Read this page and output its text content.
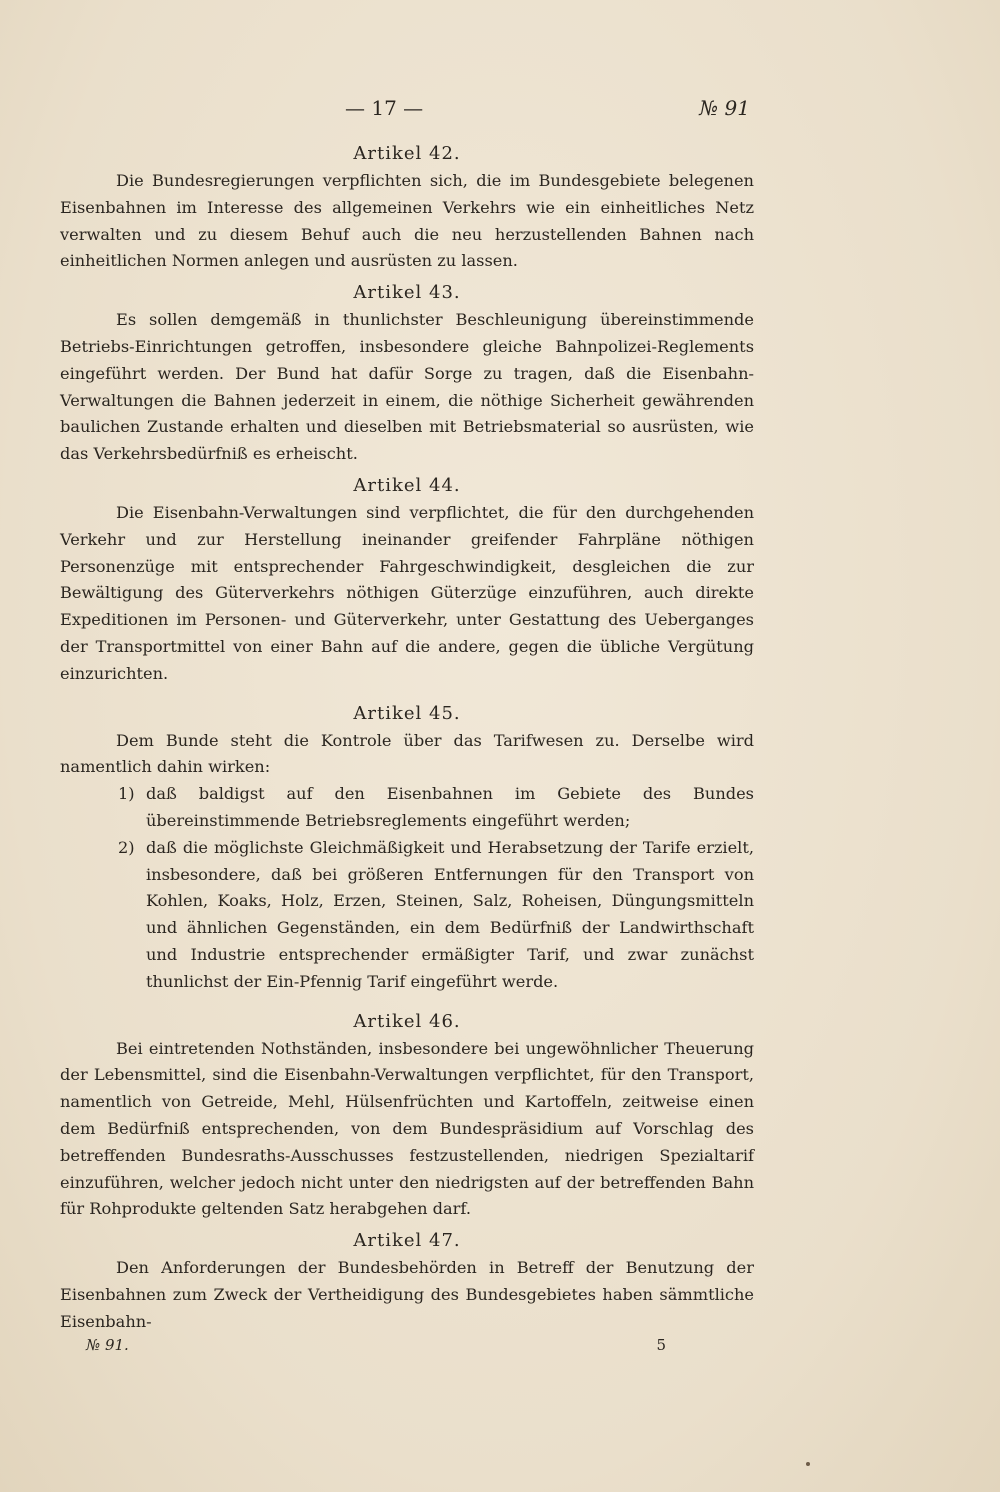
— 17 —	№ 91
Artikel 42.

Die Bundesregierungen verpflichten sich, die im Bundesgebiete belegenen Eisenbahnen im Interesse des allgemeinen Verkehrs wie ein einheitliches Netz verwalten und zu diesem Behuf auch die neu herzustellenden Bahnen nach einheitlichen Normen anlegen und ausrüsten zu lassen.

Artikel 43.

Es sollen demgemäß in thunlichster Beschleunigung übereinstimmende Betriebs-Einrichtungen getroffen, insbesondere gleiche Bahnpolizei-Reglements eingeführt werden. Der Bund hat dafür Sorge zu tragen, daß die Eisenbahn-Verwaltungen die Bahnen jederzeit in einem, die nöthige Sicherheit gewährenden baulichen Zustande erhalten und dieselben mit Betriebsmaterial so ausrüsten, wie das Verkehrsbedürfniß es erheischt.

Artikel 44.

Die Eisenbahn-Verwaltungen sind verpflichtet, die für den durchgehenden Verkehr und zur Herstellung ineinander greifender Fahrpläne nöthigen Personenzüge mit entsprechender Fahrgeschwindigkeit, desgleichen die zur Bewältigung des Güterverkehrs nöthigen Güterzüge einzuführen, auch direkte Expeditionen im Personen- und Güterverkehr, unter Gestattung des Ueberganges der Transportmittel von einer Bahn auf die andere, gegen die übliche Vergütung einzurichten.

Artikel 45.

Dem Bunde steht die Kontrole über das Tarifwesen zu. Derselbe wird namentlich dahin wirken:

1) daß baldigst auf den Eisenbahnen im Gebiete des Bundes übereinstimmende Betriebsreglements eingeführt werden;

2) daß die möglichste Gleichmäßigkeit und Herabsetzung der Tarife erzielt, insbesondere, daß bei größeren Entfernungen für den Transport von Kohlen, Koaks, Holz, Erzen, Steinen, Salz, Roheisen, Düngungsmitteln und ähnlichen Gegenständen, ein dem Bedürfniß der Landwirthschaft und Industrie entsprechender ermäßigter Tarif, und zwar zunächst thunlichst der Ein-Pfennig Tarif eingeführt werde.

Artikel 46.

Bei eintretenden Nothständen, insbesondere bei ungewöhnlicher Theuerung der Lebensmittel, sind die Eisenbahn-Verwaltungen verpflichtet, für den Transport, namentlich von Getreide, Mehl, Hülsenfrüchten und Kartoffeln, zeitweise einen dem Bedürfniß entsprechenden, von dem Bundespräsidium auf Vorschlag des betreffenden Bundesraths-Ausschusses festzustellenden, niedrigen Spezialtarif einzuführen, welcher jedoch nicht unter den niedrigsten auf der betreffenden Bahn für Rohprodukte geltenden Satz herabgehen darf.

Artikel 47.

Den Anforderungen der Bundesbehörden in Betreff der Benutzung der Eisenbahnen zum Zweck der Vertheidigung des Bundesgebietes haben sämmtliche Eisenbahn-

№ 91.	5
